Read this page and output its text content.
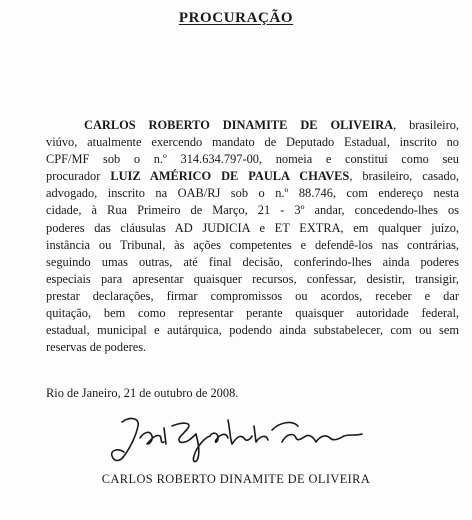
PROCURAÇÃO
CARLOS ROBERTO DINAMITE DE OLIVEIRA, brasileiro,
viúvo, atualmente exercendo mandato de Deputado Estadual, inscrito no
CPF/MF sob o n.º 314.634.797-00, nomeia e constitui como seu
procurador LUIZ AMÉRICO DE PAULA CHAVES, brasileiro, casado,
advogado, inscrito na OAB/RJ sob o n.º 88.746, com endereço nesta
cidade, à Rua Primeiro de Março, 21 - 3º andar, concedendo-lhes os
poderes das cláusulas AD JUDICIA e ET EXTRA, em qualquer juízo,
instância ou Tribunal, às ações competentes e defendê-los nas contrárias,
seguindo umas outras, até final decisão, conferindo-lhes ainda poderes
especiais para apresentar quaisquer recursos, confessar, desistir, transigir,
prestar declarações, firmar compromissos ou acordos, receber e dar
quitação, bem como representar perante quaisquer autoridade federal,
estadual, municipal e autárquica, podendo ainda substabelecer, com ou sem
reservas de poderes.
Rio de Janeiro, 21 de outubro de 2008.
CARLOS ROBERTO DINAMITE DE OLIVEIRA
